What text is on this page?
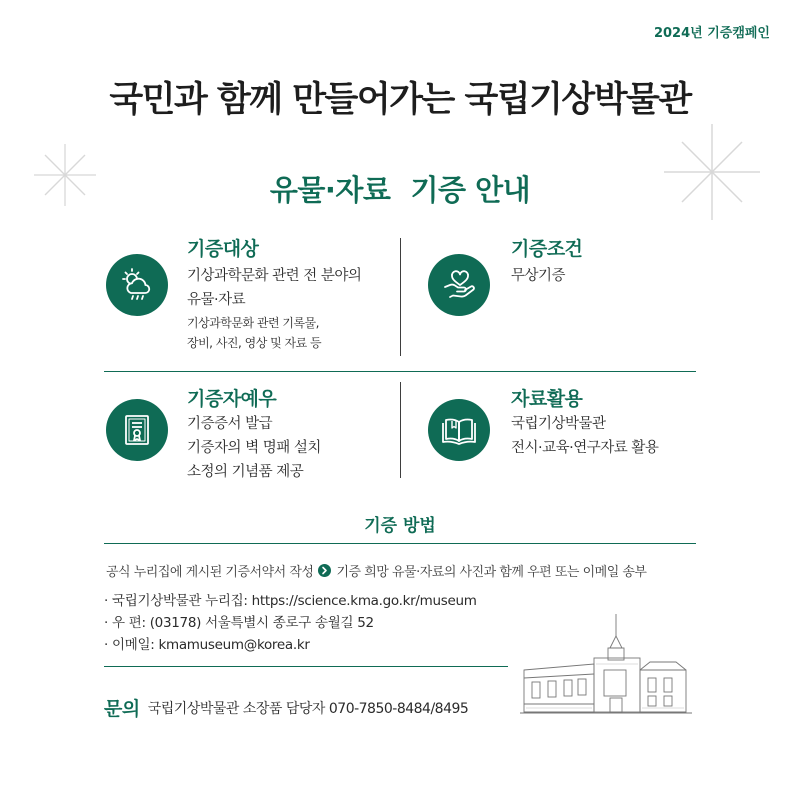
2024년 기증캠페인
국민과 함께 만들어가는 국립기상박물관
유물·자료 기증 안내
기증대상
기상과학문화 관련 전 분야의
유물·자료
기상과학문화 관련 기록물,
장비, 사진, 영상 및 자료 등
기증조건
무상기증
기증자예우
기증증서 발급
기증자의 벽 명패 설치
소정의 기념품 제공
자료활용
국립기상박물관
전시·교육·연구자료 활용
기증 방법
공식 누리집에 게시된 기증서약서 작성 기증 희망 유물·자료의 사진과 함께 우편 또는 이메일 송부
· 국립기상박물관 누리집: https://science.kma.go.kr/museum
· 우 편: (03178) 서울특별시 종로구 송월길 52
· 이메일: kmamuseum@korea.kr
문의 국립기상박물관 소장품 담당자 070-7850-8484/8495
